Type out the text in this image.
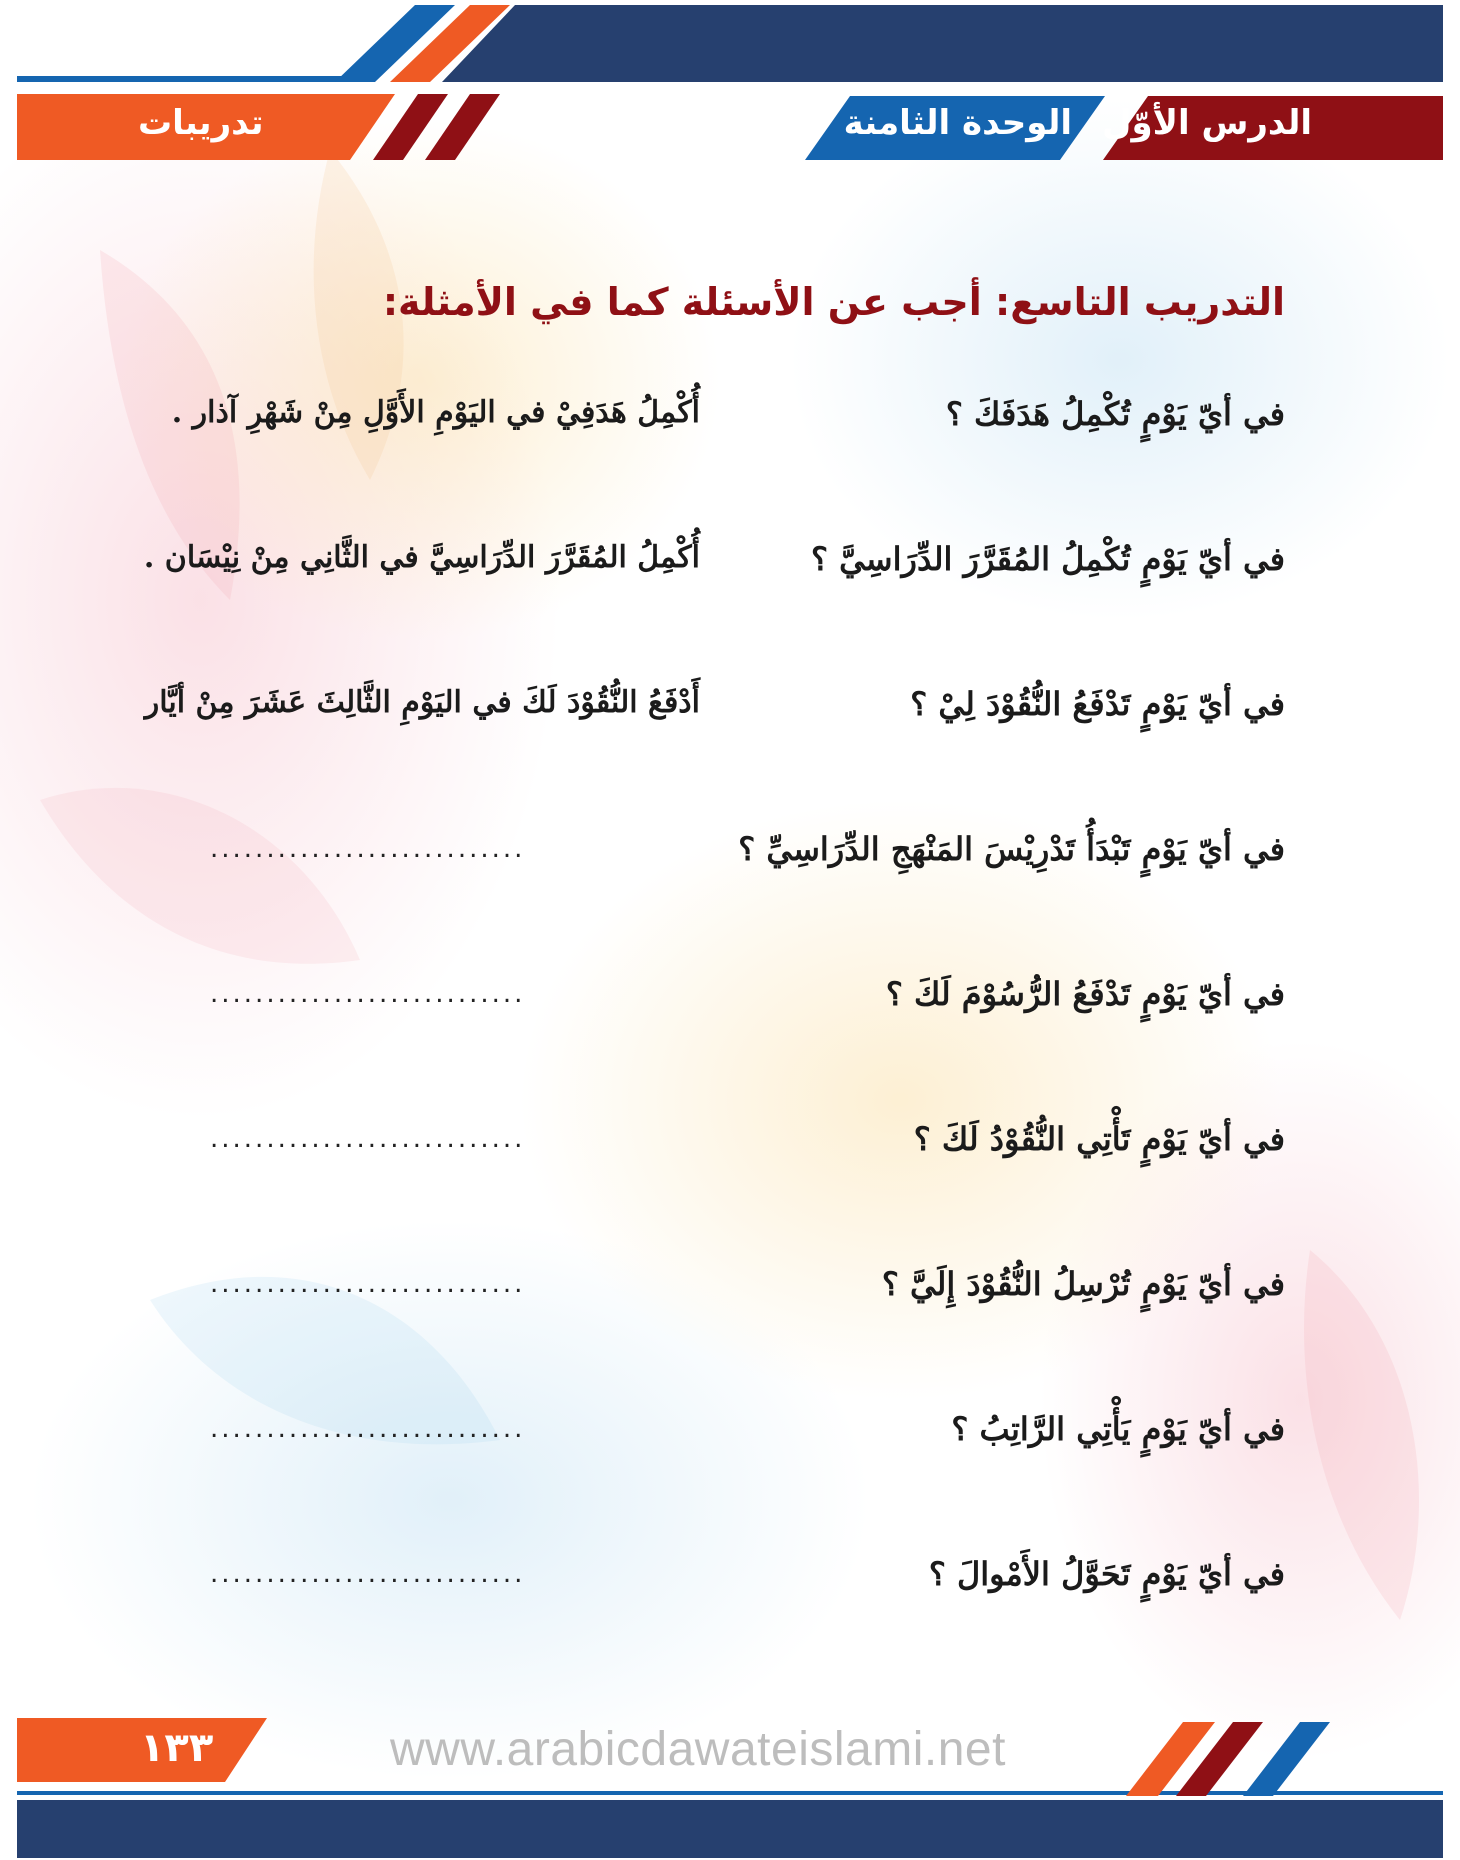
الدرس الأوّل
الوحدة الثامنة
تدريبات
التدريب التاسع: أجب عن الأسئلة كما في الأمثلة:
في أيّ يَوْمٍ تُكْمِلُ هَدَفَكَ ؟
أُكْمِلُ هَدَفِيْ في اليَوْمِ الأَوَّلِ مِنْ شَهْرِ آذار .
في أيّ يَوْمٍ تُكْمِلُ المُقَرَّرَ الدِّرَاسِيَّ ؟
أُكْمِلُ المُقَرَّرَ الدِّرَاسِيَّ في الثَّانِي مِنْ نِيْسَان .
في أيّ يَوْمٍ تَدْفَعُ النُّقُوْدَ لِيْ ؟
أَدْفَعُ النُّقُوْدَ لَكَ في اليَوْمِ الثَّالِثَ عَشَرَ مِنْ أيَّار
في أيّ يَوْمٍ تَبْدَأُ تَدْرِيْسَ المَنْهَجِ الدِّرَاسِيِّ ؟
............................
في أيّ يَوْمٍ تَدْفَعُ الرُّسُوْمَ لَكَ ؟
............................
في أيّ يَوْمٍ تَأْتِي النُّقُوْدُ لَكَ ؟
............................
في أيّ يَوْمٍ تُرْسِلُ النُّقُوْدَ إِلَيَّ ؟
............................
في أيّ يَوْمٍ يَأْتِي الرَّاتِبُ ؟
............................
في أيّ يَوْمٍ تَحَوَّلُ الأَمْوالَ ؟
............................
١٣٣	www.arabicdawateislami.net
